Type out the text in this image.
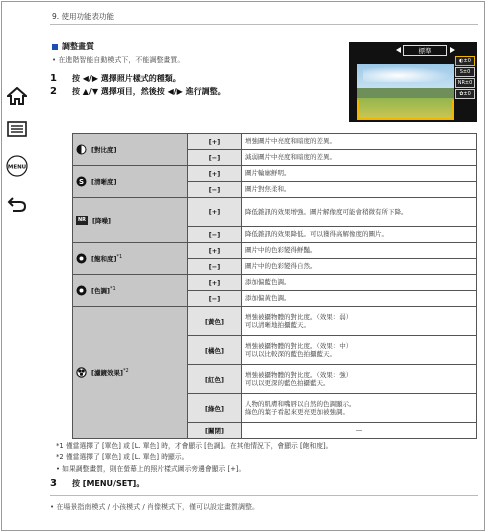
9. 使用功能表功能
MENU
調整畫質
• 在進階智能自動模式下，不能調整畫質。
1	按 ◀/▶ 選擇照片樣式的種類。
2	按 ▲/▼ 選擇項目，然後按 ◀/▶ 進行調整。
標準
◐ ±0
S ±0
NR ±0
✿ ±0
[對比度]	[+]	增強圖片中亮度和暗度的差異。
	[−]	減弱圖片中亮度和暗度的差異。

S [清晰度]	[+]	圖片輪廓鮮明。
	[−]	圖片對焦柔和。

NR [降噪]	[+]	降低雜訊的效果增強。圖片解像度可能會稍微有所下降。
	[−]	降低雜訊的效果降低。可以獲得高解像度的圖片。

[飽和度]$^{*1}$	[+]	圖片中的色彩變得鮮豔。
	[−]	圖片中的色彩變得自然。

[色調]$^{*1}$	[+]	添加偏藍色調。
	[−]	添加偏黃色調。

[濾鏡效果]$^{*2}$	[黃色]	增強被攝物體的對比度。（效果：弱）
可以清晰地拍攝藍天。
	[橘色]	增強被攝物體的對比度。（效果：中）
可以以比較深的藍色拍攝藍天。
	[紅色]	增強被攝物體的對比度。（效果：強）
可以以更深的藍色拍攝藍天。
	[綠色]	人物的肌膚和嘴唇以自然的色調顯示。
綠色的葉子看起來更亮更加被強調。
	[關閉]	—
*1 僅當選擇了 [單色] 或 [L. 單色] 時，才會顯示 [色調]。在其他情況下，會顯示 [飽和度]。
*2 僅當選擇了 [單色] 或 [L. 單色] 時顯示。
• 如果調整畫質，則在螢幕上的照片樣式圖示旁邊會顯示 [+]。
3	按 [MENU/SET]。
• 在場景指南模式 / 小孩模式 / 肖像模式下，僅可以設定畫質調整。
